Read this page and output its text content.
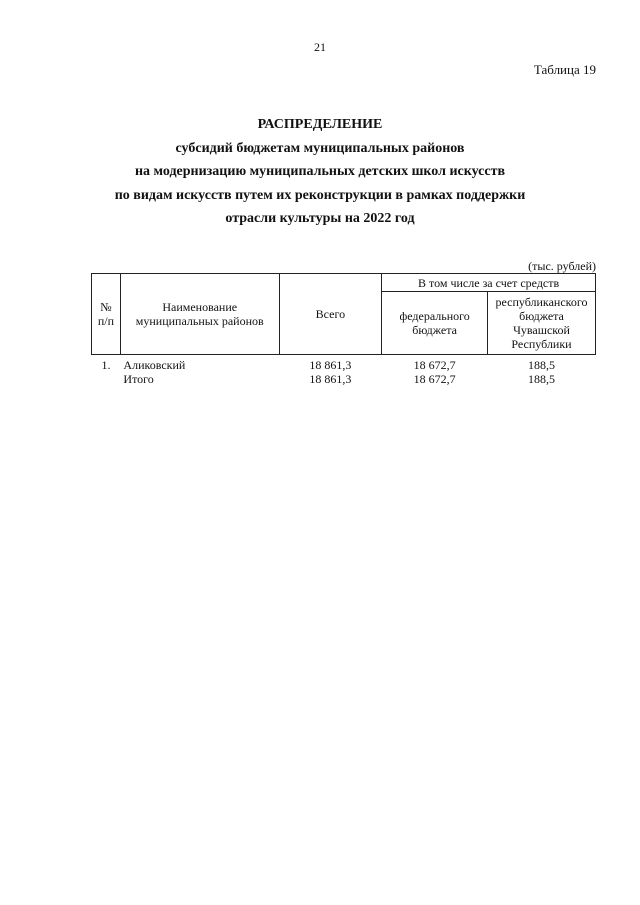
21
Таблица 19
РАСПРЕДЕЛЕНИЕ
субсидий бюджетам муниципальных районов
на модернизацию муниципальных детских школ искусств
по видам искусств путем их реконструкции в рамках поддержки
отрасли культуры на 2022 год
(тыс. рублей)
№ п/п	Наименование муниципальных районов	Всего	В том числе за счет средств	
			федерального бюджета	республиканского бюджета Чувашской Республики
1.	Аликовский	18 861,3	18 672,7	188,5
	Итого	18 861,3	18 672,7	188,5
